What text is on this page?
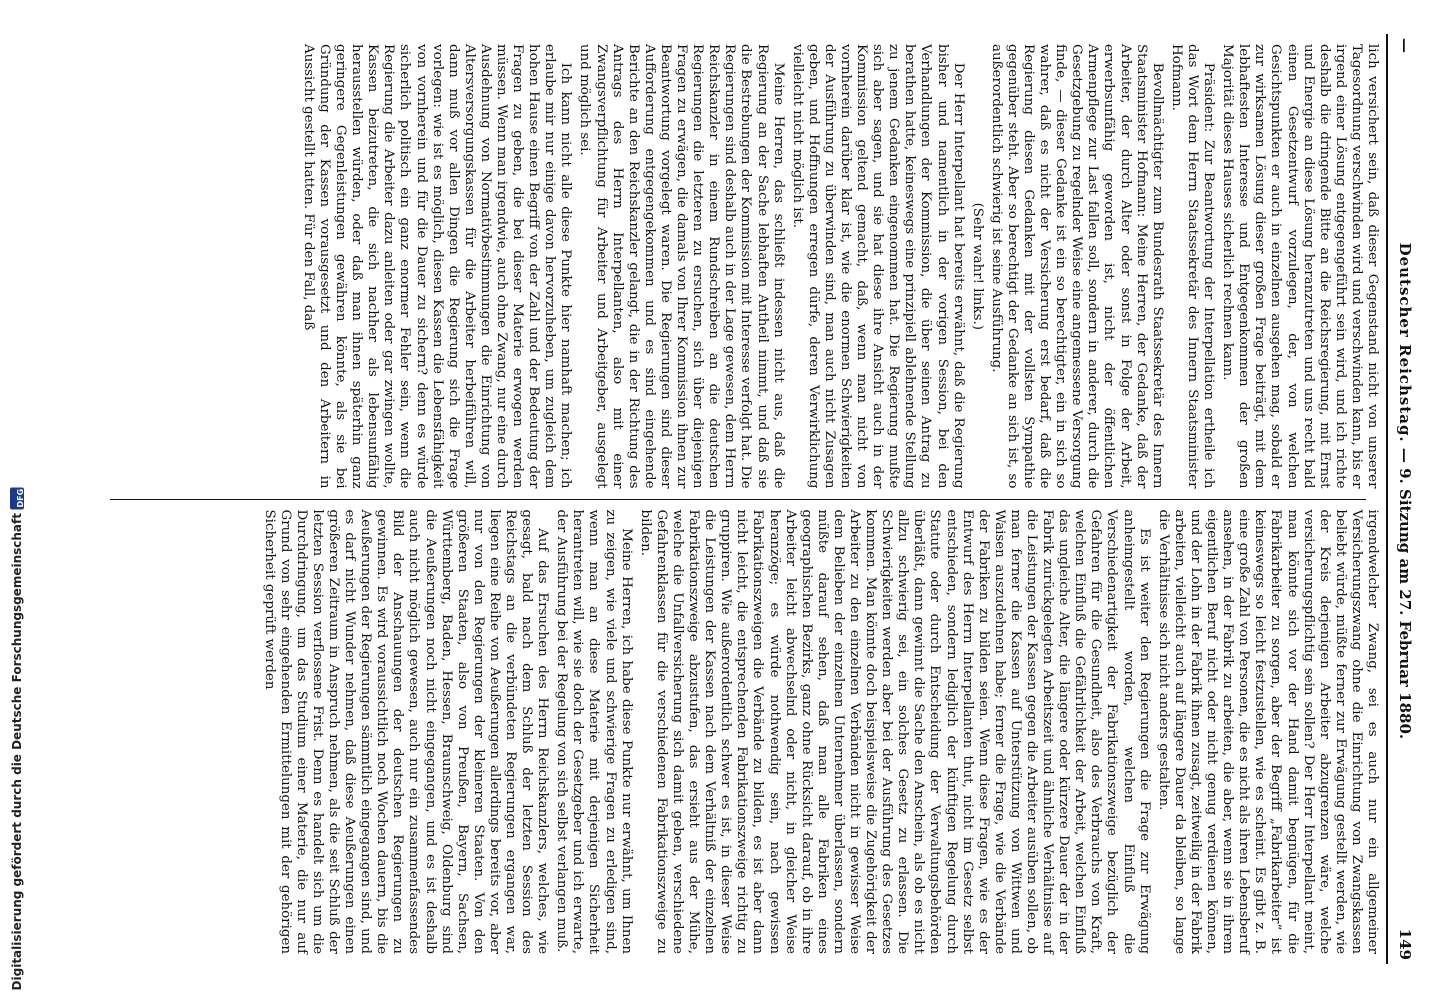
Digitalisierung gefördert durch die Deutsche Forschungsgemeinschaft
DFG
—
Deutscher Reichstag. — 9. Sitzung am 27. Februar 1880.
149

lich versichert sein, daß dieser Gegenstand nicht von unserer Tagesordnung verschwinden wird und verschwinden kann, bis er irgend einer Lösung entgegengeführt sein wird, und ich richte deshalb die dringende Bitte an die Reichsregierung, mit Ernst und Energie an diese Lösung heranzutreten und uns recht bald einen Gesetzentwurf vorzulegen, der, von welchen Gesichtspunkten er auch in einzelnen ausgehen mag, sobald er zur wirksamen Lösung dieser großen Frage beiträgt, mit dem lebhaftesten Interesse und Entgegenkommen der großen Majorität dieses Hauses sicherlich rechnen kann.

Präsident: Zur Beantwortung der Interpellation ertheile ich das Wort dem Herrn Staatssekretär des Innern Staatsminister Hofmann.

Bevollmächtigter zum Bundesrath Staatssekretär des Innern Staatsminister Hofmann: Meine Herren, der Gedanke, daß der Arbeiter, der durch Alter oder sonst in Folge der Arbeit, erwerbsunfähig geworden ist, nicht der öffentlichen Armenpflege zur Last fallen soll, sondern in anderer, durch die Gesetzgebung zu regelnder Weise eine angemessene Versorgung finde, — dieser Gedanke ist ein so berechtigter, ein in sich so wahrer, daß es nicht der Versicherung erst bedarf, daß die Regierung diesen Gedanken mit der vollsten Sympathie gegenüber steht. Aber so berechtigt der Gedanke an sich ist, so außerordentlich schwierig ist seine Ausführung.

(Sehr wahr! links.)

Der Herr Interpellant hat bereits erwähnt, daß die Regierung bisher und namentlich in der vorigen Session, bei den Verhandlungen der Kommission, die über seinen Antrag zu berathen hatte, keineswegs eine prinzipiell ablehnende Stellung zu jenem Gedanken eingenommen hat. Die Regierung mußte sich aber sagen, und sie hat diese ihre Ansicht auch in der Kommission geltend gemacht, daß, wenn man nicht von vornherein darüber klar ist, wie die enormen Schwierigkeiten der Ausführung zu überwinden sind, man auch nicht Zusagen geben, und Hoffnungen erregen dürfe, deren Verwirklichung vielleicht nicht möglich ist.

Meine Herren, das schließt indessen nicht aus, daß die Regierung an der Sache lebhaften Antheil nimmt, und daß sie die Bestrebungen der Kommission mit Interesse verfolgt hat. Die Regierungen sind deshalb auch in der Lage gewesen, dem Herrn Reichskanzler in einem Rundschreiben an die deutschen Regierungen die letzteren zu ersuchen, sich über diejenigen Fragen zu erwägen, die damals von Ihrer Kommission ihnen zur Beantwortung vorgelegt waren. Die Regierungen sind dieser Aufforderung entgegengekommen und es sind eingehende Berichte an den Reichskanzler gelangt, die in der Richtung des Antrags des Herrn Interpellanten, also mit einer Zwangsverpflichtung für Arbeiter und Arbeitgeber, ausgelegt und möglich sei.

Ich kann nicht alle diese Punkte hier namhaft machen; ich erlaube mir nur einige davon hervorzuheben, um zugleich dem hohen Hause einen Begriff von der Zahl und der Bedeutung der Fragen zu geben, die bei dieser Materie erwogen werden müssen. Wenn man irgendwie, auch ohne Zwang, nur eine durch Ausdehnung von Normativbestimmungen die Einrichtung von Altersversorgungskassen für die Arbeiter herbeiführen will, dann muß vor allen Dingen die Regierung sich die Frage vorlegen: wie ist es möglich, diesen Kassen die Lebensfähigkeit von vornherein und für die Dauer zu sichern? denn es würde sicherlich politisch ein ganz enormer Fehler sein, wenn die Regierung die Arbeiter dazu anleiten oder gar zwingen wollte, Kassen beizutreten, die sich nachher als lebensunfähig herausstellen würden, oder daß man ihnen späterhin ganz geringere Gegenleistungen gewähren könnte, als sie bei Gründung der Kassen vorausgesetzt und den Arbeitern in Aussicht gestellt hatten. Für den Fall, daß

irgendwelcher Zwang, sei es auch nur ein allgemeiner Versicherungszwang ohne die Einrichtung von Zwangskassen beliebt würde, müßte ferner zur Erwägung gestellt werden, wie der Kreis derjenigen Arbeiter abzugrenzen wäre, welche versicherungspflichtig sein sollen? Der Herr Interpellant meint, man könnte sich vor der Hand damit begnügen, für die Fabrikarbeiter zu sorgen, aber der Begriff „Fabrikarbeiter“ ist keineswegs so leicht festzustellen, wie es scheint. Es gibt z. B. eine große Zahl von Personen, die es nicht als ihren Lebensberuf ansehen, in der Fabrik zu arbeiten, die aber, wenn sie in ihrem eigentlichen Beruf nicht oder nicht genug verdienen können, und der Lohn in der Fabrik ihnen zusagt, zeitweilig in der Fabrik arbeiten, vielleicht auch auf längere Dauer da bleiben, so lange die Verhältnisse sich nicht anders gestalten.

Es ist weiter den Regierungen die Frage zur Erwägung anheimgestellt worden, welchen Einfluß die Verschiedenartigkeit der Fabrikationszweige bezüglich der Gefahren für die Gesundheit, also des Verbrauchs von Kraft, welchen Einfluß die Gefährlichkeit der Arbeit, welchen Einfluß das ungleiche Alter, die längere oder kürzere Dauer der in der Fabrik zurückgelegten Arbeitszeit und ähnliche Verhältnisse auf die Leistungen der Kassen gegen die Arbeiter ausüben sollen, ob man ferner die Kassen auf Unterstützung von Wittwen und Waisen auszudehnen habe; ferner die Frage, wie die Verbände der Fabriken zu bilden seien. Wenn diese Fragen, wie es der Entwurf des Herrn Interpellanten thut, nicht im Gesetz selbst entschieden, sondern lediglich der künftigen Regelung durch Statute oder durch Entscheidung der Verwaltungsbehörden überläßt, dann gewinnt die Sache den Anschein, als ob es nicht allzu schwierig sei, ein solches Gesetz zu erlassen. Die Schwierigkeiten werden aber bei der Ausführung des Gesetzes kommen. Man könnte doch beispielsweise die Zugehörigkeit der Arbeiter zu den einzelnen Verbänden nicht in gewisser Weise dem Belieben der einzelnen Unternehmer überlassen, sondern müßte darauf sehen, daß man alle Fabriken eines geographischen Bezirks, ganz ohne Rücksicht darauf, ob in ihre Arbeiter leicht abwechselnd oder nicht, in gleicher Weise heranzöge; es würde nothwendig sein, nach gewissen Fabrikationszweigen die Verbände zu bilden, es ist aber dann nicht leicht, die entsprechenden Fabrikationszweige richtig zu gruppiren. Wie außerordentlich schwer es ist, in dieser Weise die Leistungen der Kassen nach dem Verhältniß der einzelnen Fabrikationszweige abzustufen, das ersieht aus der Mühe, welche die Unfallversicherung sich damit geben, verschiedene Gefahrenklassen für die verschiedenen Fabrikationszweige zu bilden.

Meine Herren, ich habe diese Punkte nur erwähnt, um Ihnen zu zeigen, wie viele und schwierige Fragen zu erledigen sind, wenn man an diese Materie mit derjenigen Sicherheit herantreten will, wie sie doch der Gesetzgeber und ich erwarte, der Ausführung bei der Regelung von sich selbst verlangen muß.

Auf das Ersuchen des Herrn Reichskanzlers, welches, wie gesagt, bald nach dem Schluß der letzten Session des Reichstags an die verbündeten Regierungen ergangen war, liegen eine Reihe von Aeußerungen allerdings bereits vor, aber nur von den Regierungen der kleineren Staaten. Von den größeren Staaten, also von Preußen, Bayern, Sachsen, Württemberg, Baden, Hessen, Braunschweig, Oldenburg sind die Aeußerungen noch nicht eingegangen, und es ist deshalb auch nicht möglich gewesen, auch nur ein zusammenfassendes Bild der Anschauungen der deutschen Regierungen zu gewinnen. Es wird voraussichtlich noch Wochen dauern, bis die Aeußerungen der Regierungen sämmtlich eingegangen sind, und es darf nicht Wunder nehmen, daß diese Aeußerungen einen größeren Zeitraum in Anspruch nehmen, als die seit Schluß der letzten Session verflossene Frist. Denn es handelt sich um die Durchdringung, um das Studium einer Materie, die nur auf Grund von sehr eingehenden Ermittelungen mit der gehörigen Sicherheit geprüft werden
